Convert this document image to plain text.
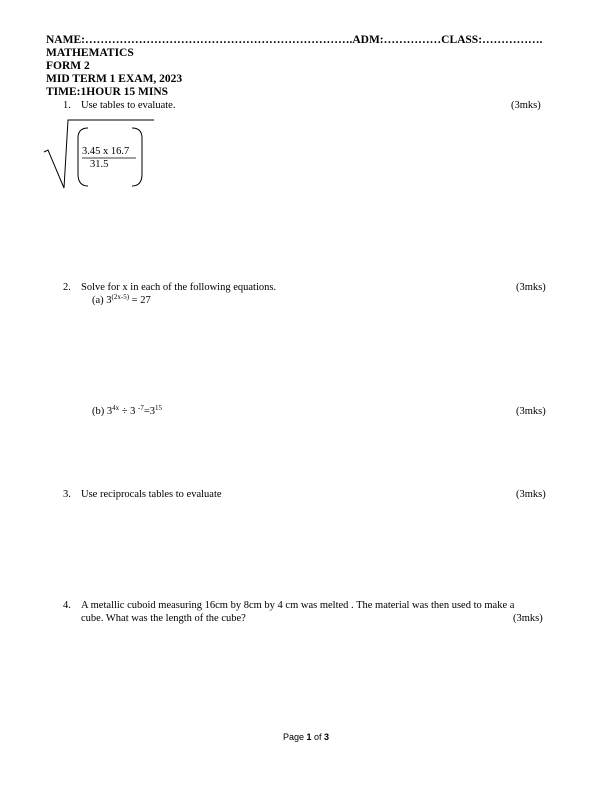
NAME:…………………………………………………………….ADM:……………CLASS:…………….
MATHEMATICS
FORM 2
MID TERM 1 EXAM, 2023
TIME:1HOUR 15 MINS
1. Use tables to evaluate.	(3mks)
3.45 x 16.7
31.5
2. Solve for x in each of the following equations.	(3mks)
(a) $3^{(2x-5)} = 27$
(b) $3^{4x} \div 3$ $^{-7}=3^{15}$	(3mks)
3. Use reciprocals tables to evaluate	(3mks)
4. A metallic cuboid measuring 16cm by 8cm by 4 cm was melted . The material was then used to make a
cube. What was the length of the cube?	(3mks)
Page 1 of 3
